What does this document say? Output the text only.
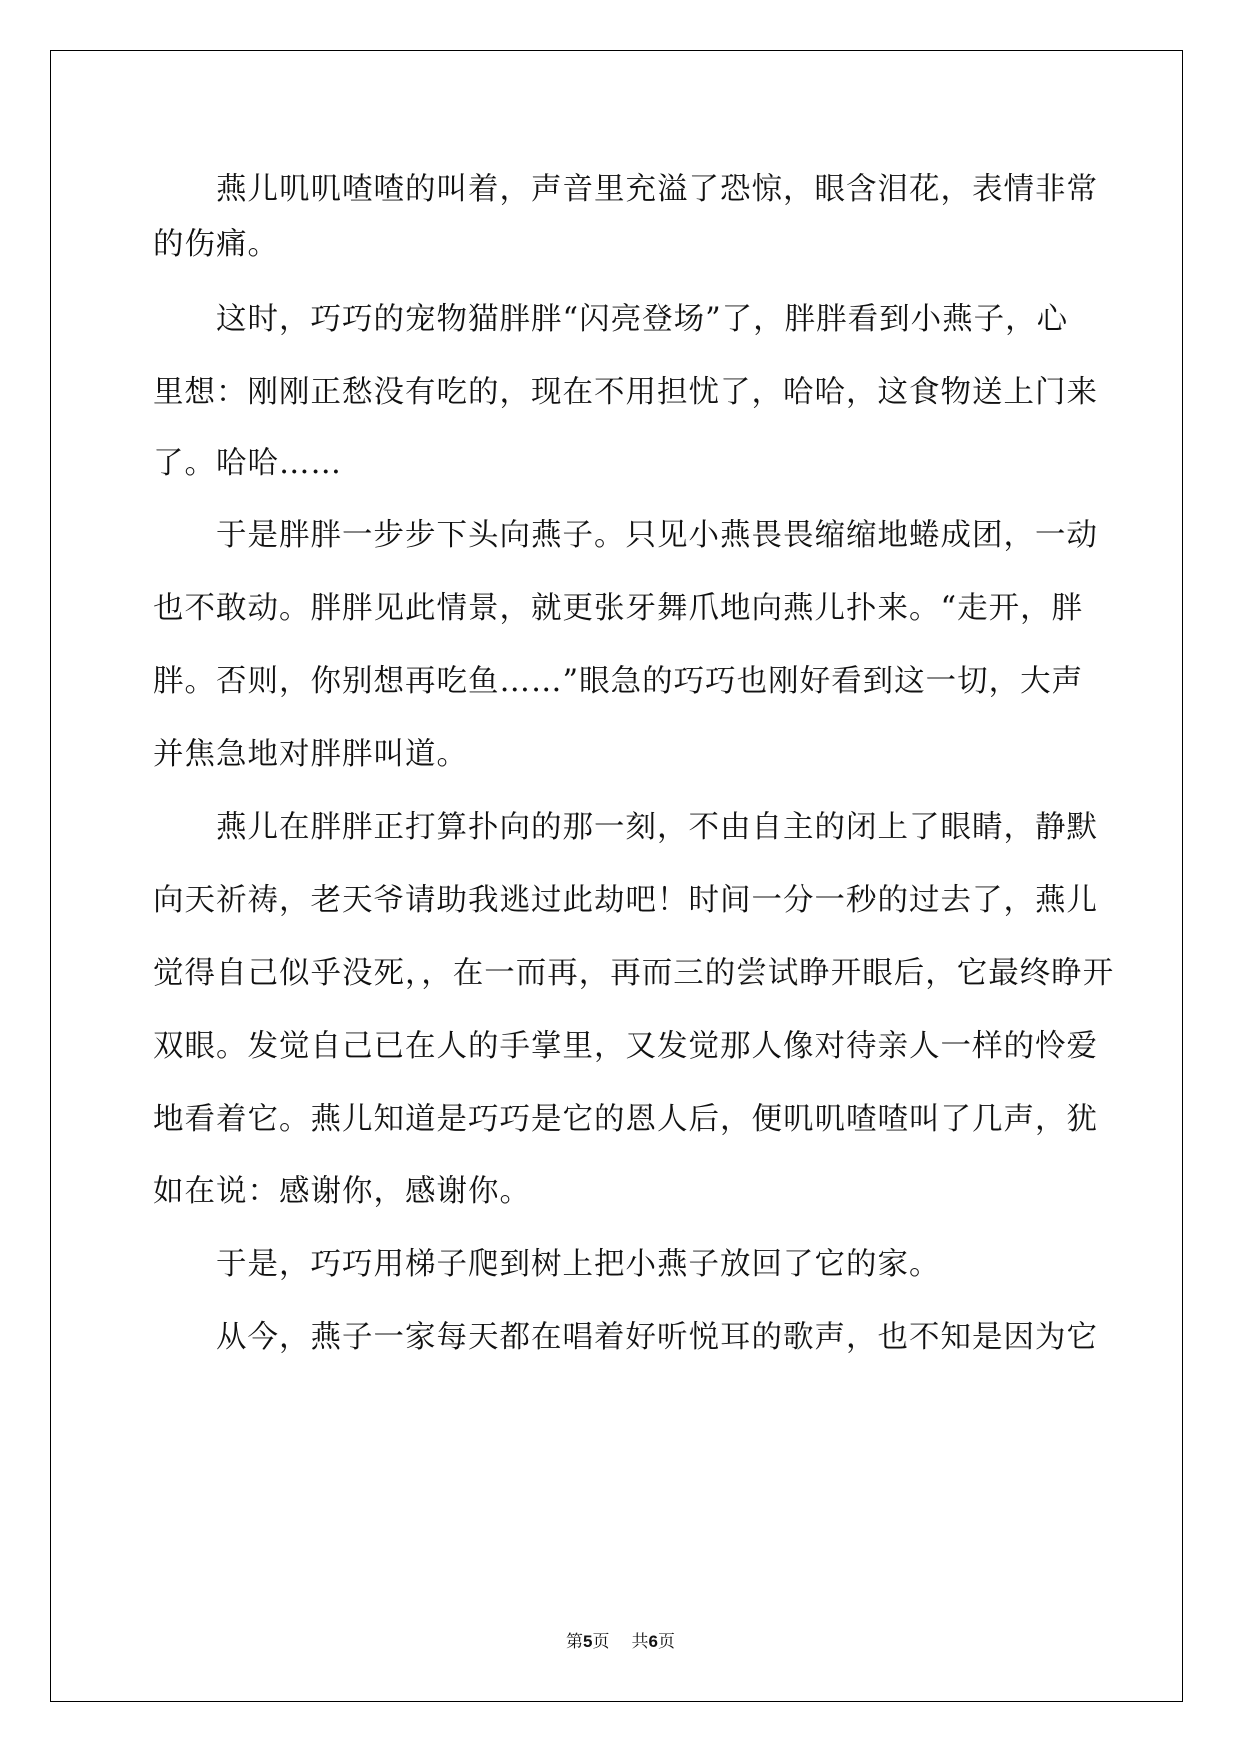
　　燕儿叽叽喳喳的叫着，声音里充溢了恐惊，眼含泪花，表情非常

的伤痛。

　　这时，巧巧的宠物猫胖胖“闪亮登场”了，胖胖看到小燕子，心

里想：刚刚正愁没有吃的，现在不用担忧了，哈哈，这食物送上门来

了。哈哈……

　　于是胖胖一步步下头向燕子。只见小燕畏畏缩缩地蜷成团，一动

也不敢动。胖胖见此情景，就更张牙舞爪地向燕儿扑来。“走开，胖

胖。否则，你别想再吃鱼……”眼急的巧巧也刚好看到这一切，大声

并焦急地对胖胖叫道。

　　燕儿在胖胖正打算扑向的那一刻，不由自主的闭上了眼睛，静默

向天祈祷，老天爷请助我逃过此劫吧！时间一分一秒的过去了，燕儿

觉得自己似乎没死，，在一而再，再而三的尝试睁开眼后，它最终睁开

双眼。发觉自己已在人的手掌里，又发觉那人像对待亲人一样的怜爱

地看着它。燕儿知道是巧巧是它的恩人后，便叽叽喳喳叫了几声，犹

如在说：感谢你，感谢你。

　　于是，巧巧用梯子爬到树上把小燕子放回了它的家。

　　从今，燕子一家每天都在唱着好听悦耳的歌声，也不知是因为它

第5页 共6页
